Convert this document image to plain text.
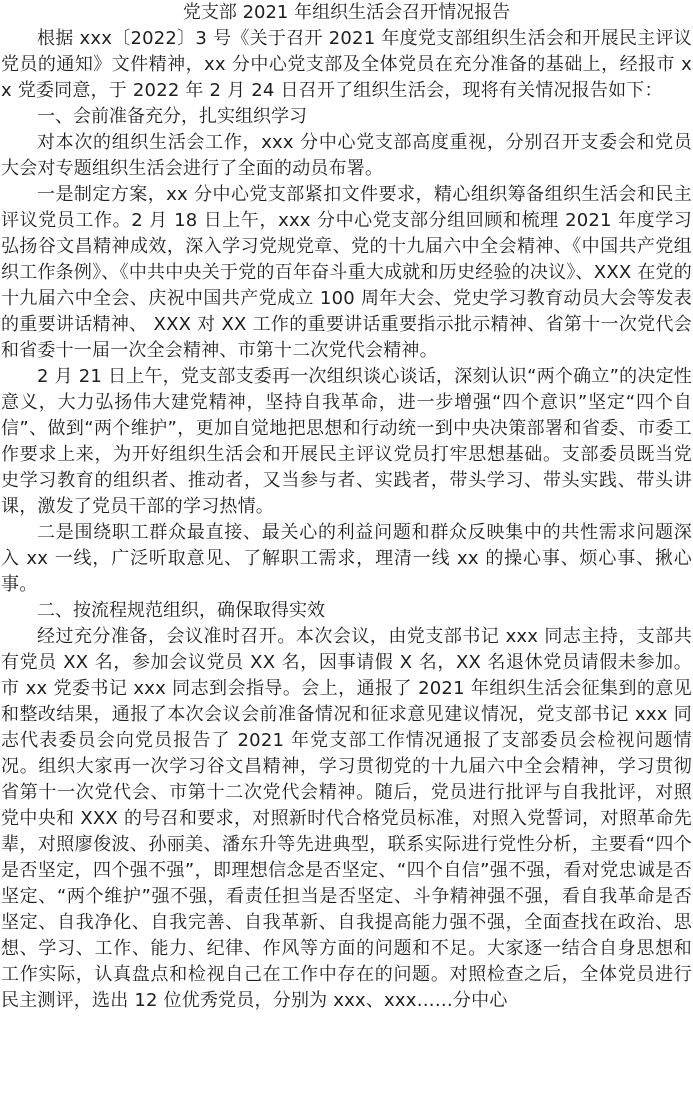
党支部 2021 年组织生活会召开情况报告

根据 xxx〔2022〕3 号《关于召开 2021 年度党支部组织生活会和开展民主评议党员的通知》文件精神，xx 分中心党支部及全体党员在充分准备的基础上，经报市 xx 党委同意，于 2022 年 2 月 24 日召开了组织生活会，现将有关情况报告如下：

一、会前准备充分，扎实组织学习

对本次的组织生活会工作，xxx 分中心党支部高度重视，分别召开支委会和党员大会对专题组织生活会进行了全面的动员布署。

一是制定方案，xx 分中心党支部紧扣文件要求，精心组织筹备组织生活会和民主评议党员工作。2 月 18 日上午，xxx 分中心党支部分组回顾和梳理 2021 年度学习弘扬谷文昌精神成效，深入学习党规党章、党的十九届六中全会精神、《中国共产党组织工作条例》、《中共中央关于党的百年奋斗重大成就和历史经验的决议》、XXX 在党的十九届六中全会、庆祝中国共产党成立 100 周年大会、党史学习教育动员大会等发表的重要讲话精神、 XXX 对 XX 工作的重要讲话重要指示批示精神、省第十一次党代会和省委十一届一次全会精神、市第十二次党代会精神。

2 月 21 日上午，党支部支委再一次组织谈心谈话，深刻认识“两个确立”的决定性意义，大力弘扬伟大建党精神，坚持自我革命，进一步增强“四个意识”坚定“四个自信”、做到“两个维护”，更加自觉地把思想和行动统一到中央决策部署和省委、市委工作要求上来，为开好组织生活会和开展民主评议党员打牢思想基础。支部委员既当党史学习教育的组织者、推动者，又当参与者、实践者，带头学习、带头实践、带头讲课，激发了党员干部的学习热情。

二是围绕职工群众最直接、最关心的利益问题和群众反映集中的共性需求问题深入 xx 一线，广泛听取意见、了解职工需求，理清一线 xx 的操心事、烦心事、揪心事。

二、按流程规范组织，确保取得实效

经过充分准备，会议准时召开。本次会议，由党支部书记 xxx 同志主持，支部共有党员 XX 名，参加会议党员 XX 名，因事请假 X 名，XX 名退休党员请假未参加。市 xx 党委书记 xxx 同志到会指导。会上，通报了 2021 年组织生活会征集到的意见和整改结果，通报了本次会议会前准备情况和征求意见建议情况，党支部书记 xxx 同志代表委员会向党员报告了 2021 年党支部工作情况通报了支部委员会检视问题情况。组织大家再一次学习谷文昌精神，学习贯彻党的十九届六中全会精神，学习贯彻省第十一次党代会、市第十二次党代会精神。随后，党员进行批评与自我批评，对照党中央和 XXX 的号召和要求，对照新时代合格党员标准，对照入党誓词，对照革命先辈，对照廖俊波、孙丽美、潘东升等先进典型，联系实际进行党性分析，主要看“四个是否坚定，四个强不强”，即理想信念是否坚定、“四个自信”强不强，看对党忠诚是否坚定、“两个维护”强不强，看责任担当是否坚定、斗争精神强不强，看自我革命是否坚定、自我净化、自我完善、自我革新、自我提高能力强不强，全面查找在政治、思想、学习、工作、能力、纪律、作风等方面的问题和不足。大家逐一结合自身思想和工作实际，认真盘点和检视自己在工作中存在的问题。对照检查之后，全体党员进行民主测评，选出 12 位优秀党员，分别为 xxx、xxx……分中心
